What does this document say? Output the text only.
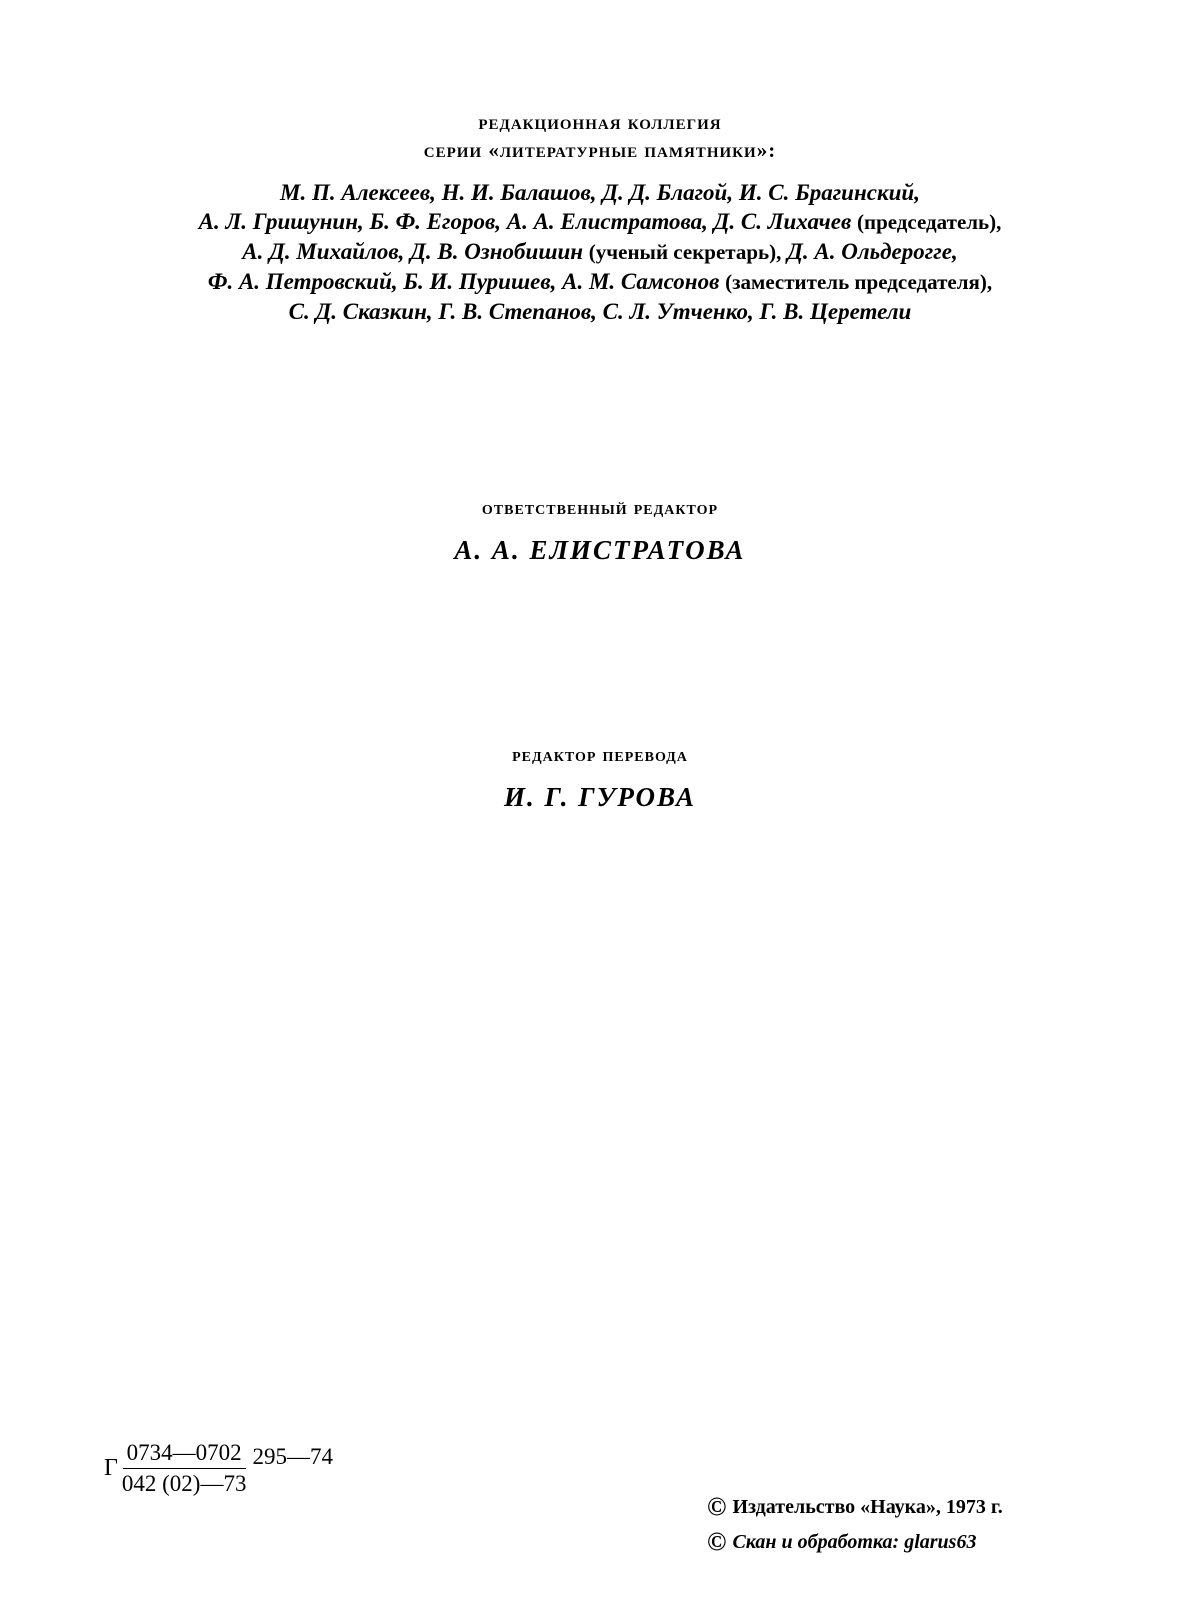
редакционная коллегия
серии «литературные памятники»:
М. П. Алексеев, Н. И. Балашов, Д. Д. Благой, И. С. Брагинский,
А. Л. Гришунин, Б. Ф. Егоров, А. А. Елистратова, Д. С. Лихачев (председатель),
А. Д. Михайлов, Д. В. Ознобишин (ученый секретарь), Д. А. Ольдерогге,
Ф. А. Петровский, Б. И. Пуришев, А. М. Самсонов (заместитель председателя),
С. Д. Сказкин, Г. В. Степанов, С. Л. Утченко, Г. В. Церетели
ответственный редактор
А. А. ЕЛИСТРАТОВА
редактор перевода
И. Г. ГУРОВА
Г $\frac{0734—0702}{042 (02)—73}$ 295—74
© Издательство «Наука», 1973 г.
© Скан и обработка: glarus63
